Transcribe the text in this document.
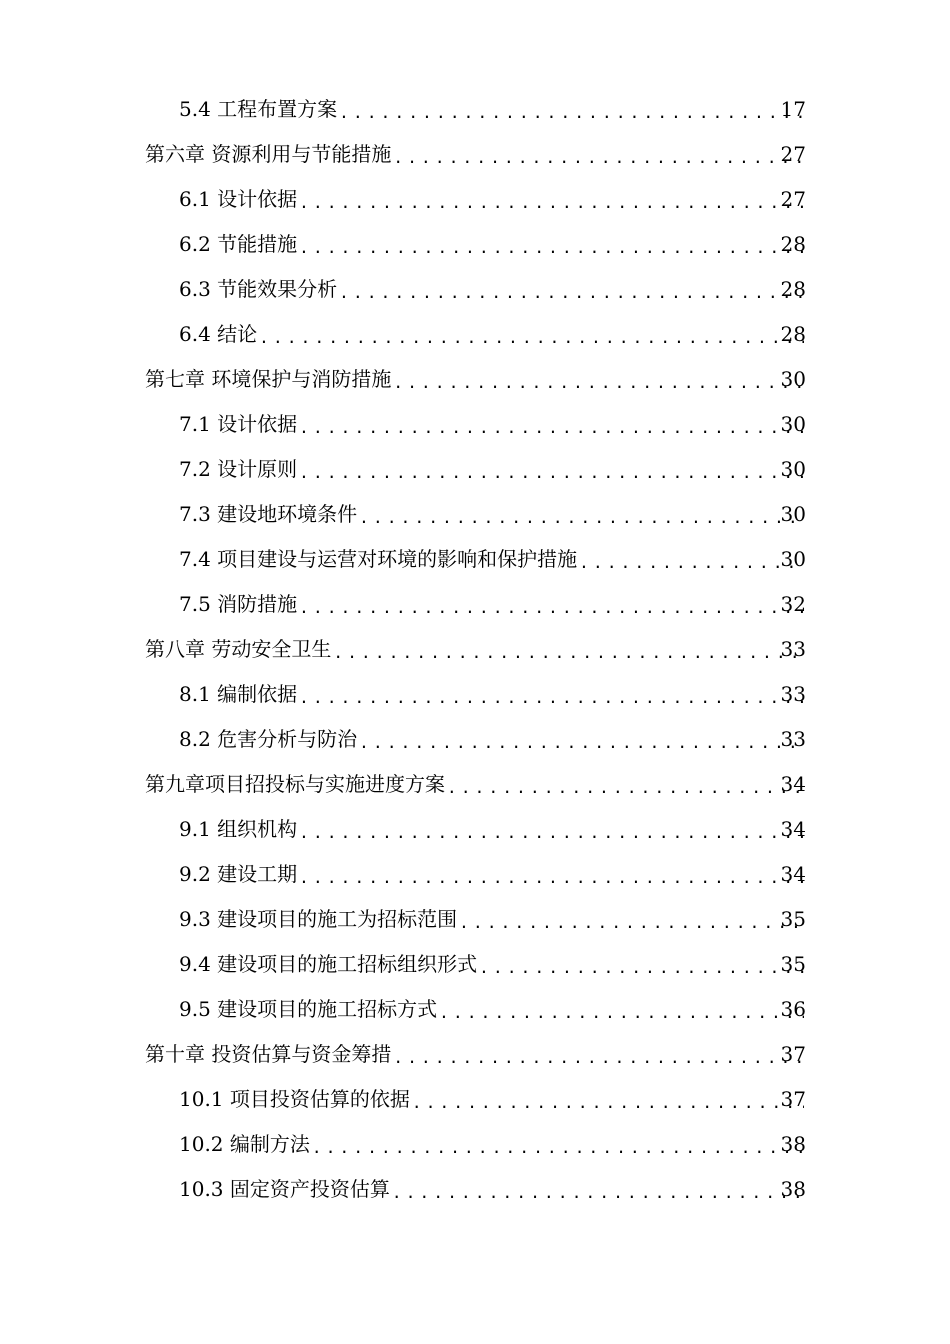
5.4 工程布置方案 .....	17
第六章 资源利用与节能措施 .....	27
6.1 设计依据 .....	27
6.2 节能措施 .....	28
6.3 节能效果分析 .....	28
6.4 结论 .....	28
第七章 环境保护与消防措施 .....	30
7.1 设计依据 .....	30
7.2 设计原则 .....	30
7.3 建设地环境条件 .....	30
7.4 项目建设与运营对环境的影响和保护措施 .....	30
7.5 消防措施 .....	32
第八章 劳动安全卫生 .....	33
8.1 编制依据 .....	33
8.2 危害分析与防治 .....	33
第九章项目招投标与实施进度方案 .....	34
9.1 组织机构 .....	34
9.2 建设工期 .....	34
9.3 建设项目的施工为招标范围 .....	35
9.4 建设项目的施工招标组织形式 .....	35
9.5 建设项目的施工招标方式 .....	36
第十章 投资估算与资金筹措 .....	37
10.1 项目投资估算的依据 .....	37
10.2 编制方法 .....	38
10.3 固定资产投资估算 .....	38
